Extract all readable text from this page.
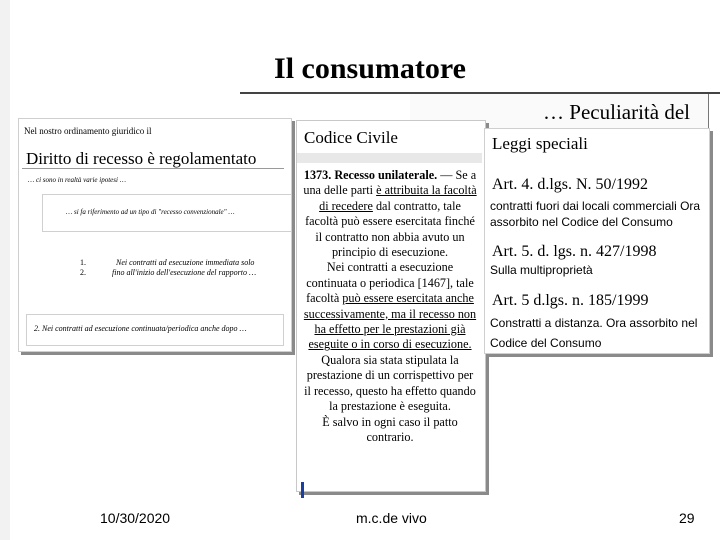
Il consumatore
… Peculiarità del
Nel nostro ordinamento giuridico il
Diritto di recesso è regolamentato
… ci sono in realtà varie ipotesi …
… si fa riferimento ad un tipo di "recesso convenzionale" …
1.	Nei contratti ad esecuzione immediata solo
2.	fino all'inizio dell'esecuzione del rapporto …
2. Nei contratti ad esecuzione continuata/periodica anche dopo …
Codice Civile
1373. Recesso unilaterale. — Se a una delle parti è attribuita la facoltà di recedere dal contratto, tale facoltà può essere esercitata finché il contratto non abbia avuto un principio di esecuzione.
Nei contratti a esecuzione continuata o periodica [1467], tale facoltà può essere esercitata anche successivamente, ma il recesso non ha effetto per le prestazioni già eseguite o in corso di esecuzione.
Qualora sia stata stipulata la prestazione di un corrispettivo per il recesso, questo ha effetto quando la prestazione è eseguita.
È salvo in ogni caso il patto contrario.
Leggi speciali
Art. 4. d.lgs. N. 50/1992
contratti fuori dai locali commerciali Ora assorbito nel Codice del Consumo
Art. 5. d. lgs. n. 427/1998
Sulla multiproprietà
Art. 5 d.lgs. n. 185/1999
Constratti a distanza. Ora assorbito nel Codice del Consumo
10/30/2020	m.c.de vivo	29
